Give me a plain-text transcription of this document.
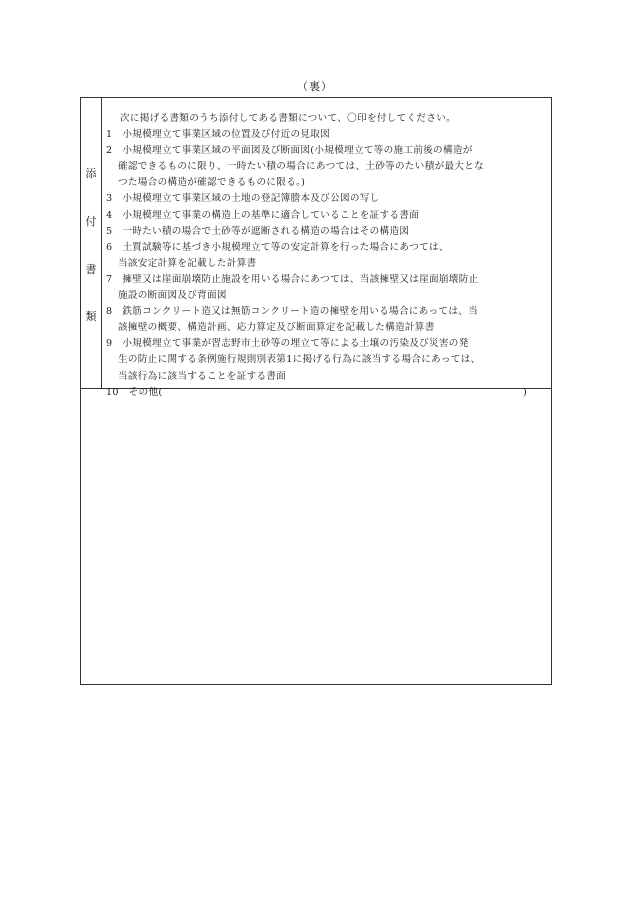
（裏）
添
付
書
類
次に掲げる書類のうち添付してある書類について、〇印を付してください。
1　 小規模埋立て事業区域の位置及び付近の見取図
2　 小規模埋立て事業区域の平面図及び断面図(小規模埋立て等の施工前後の構造が
確認できるものに限り、一時たい積の場合にあつては、土砂等のたい積が最大とな
つた場合の構造が確認できるものに限る。)
3　 小規模埋立て事業区域の土地の登記簿謄本及び公図の写し
4　 小規模埋立て事業の構造上の基準に適合していることを証する書面
5　 一時たい積の場合で土砂等が遮断される構造の場合はその構造図
6　 土質試験等に基づき小規模埋立て等の安定計算を行った場合にあつては、
当該安定計算を記載した計算書
7　 擁壁又は崖面崩壊防止施設を用いる場合にあつては、当該擁壁又は崖面崩壊防止
施設の断面図及び背面図
8　 鉄筋コンクリート造又は無筋コンクリート造の擁壁を用いる場合にあっては、当
該擁壁の概要、構造計画、応力算定及び断面算定を記載した構造計算書
9　 小規模埋立て事業が習志野市土砂等の埋立て等による土壌の汚染及び災害の発
生の防止に関する条例施行規則別表第1に掲げる行為に該当する場合にあっては、
当該行為に該当することを証する書面
10　 その他(	)
